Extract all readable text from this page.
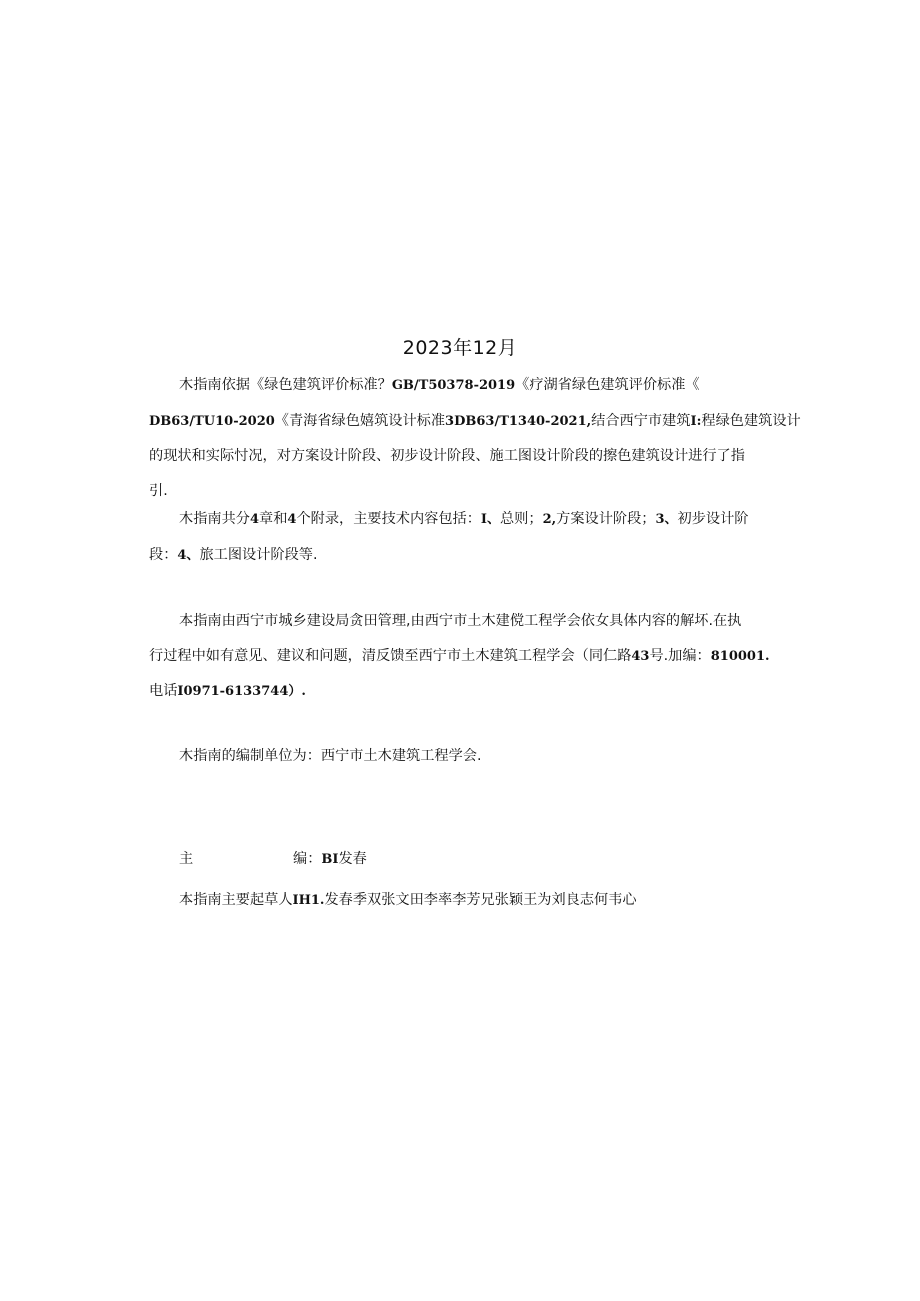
2023年12月
木指南依据《绿色建筑评价标准？GB/T50378-2019《疗湖省绿色建筑评价标准《
DB63/TU10-2020《青海省绿色嬉筑设计标准3DB63/T1340-2021,结合西宁市建筑I:程绿色建筑设计
的现状和实际忖况，对方案设计阶段、初步设计阶段、施工图设计阶段的擦色建筑设计进行了指
引.
木指南共分4章和4个附录，主要技术内容包括：I、总则；2,方案设计阶段；3、初步设计阶
段：4、旅工图设计阶段等.
本指南由西宁市城乡建设局贪田管理,由西宁市土木建傥工程学会依女具体内容的解坏.在执
行过程中如有意见、建议和问题，清反馈至西宁市土木建筑工程学会（同仁路43号.加编：810001.
电话I0971-6133744）.
木指南的编制单位为：西宁市土木建筑工程学会.
主	编：BI发春
本指南主要起草人IH1.发春季双张文田李率李芳兄张颖王为刘良志何韦心
